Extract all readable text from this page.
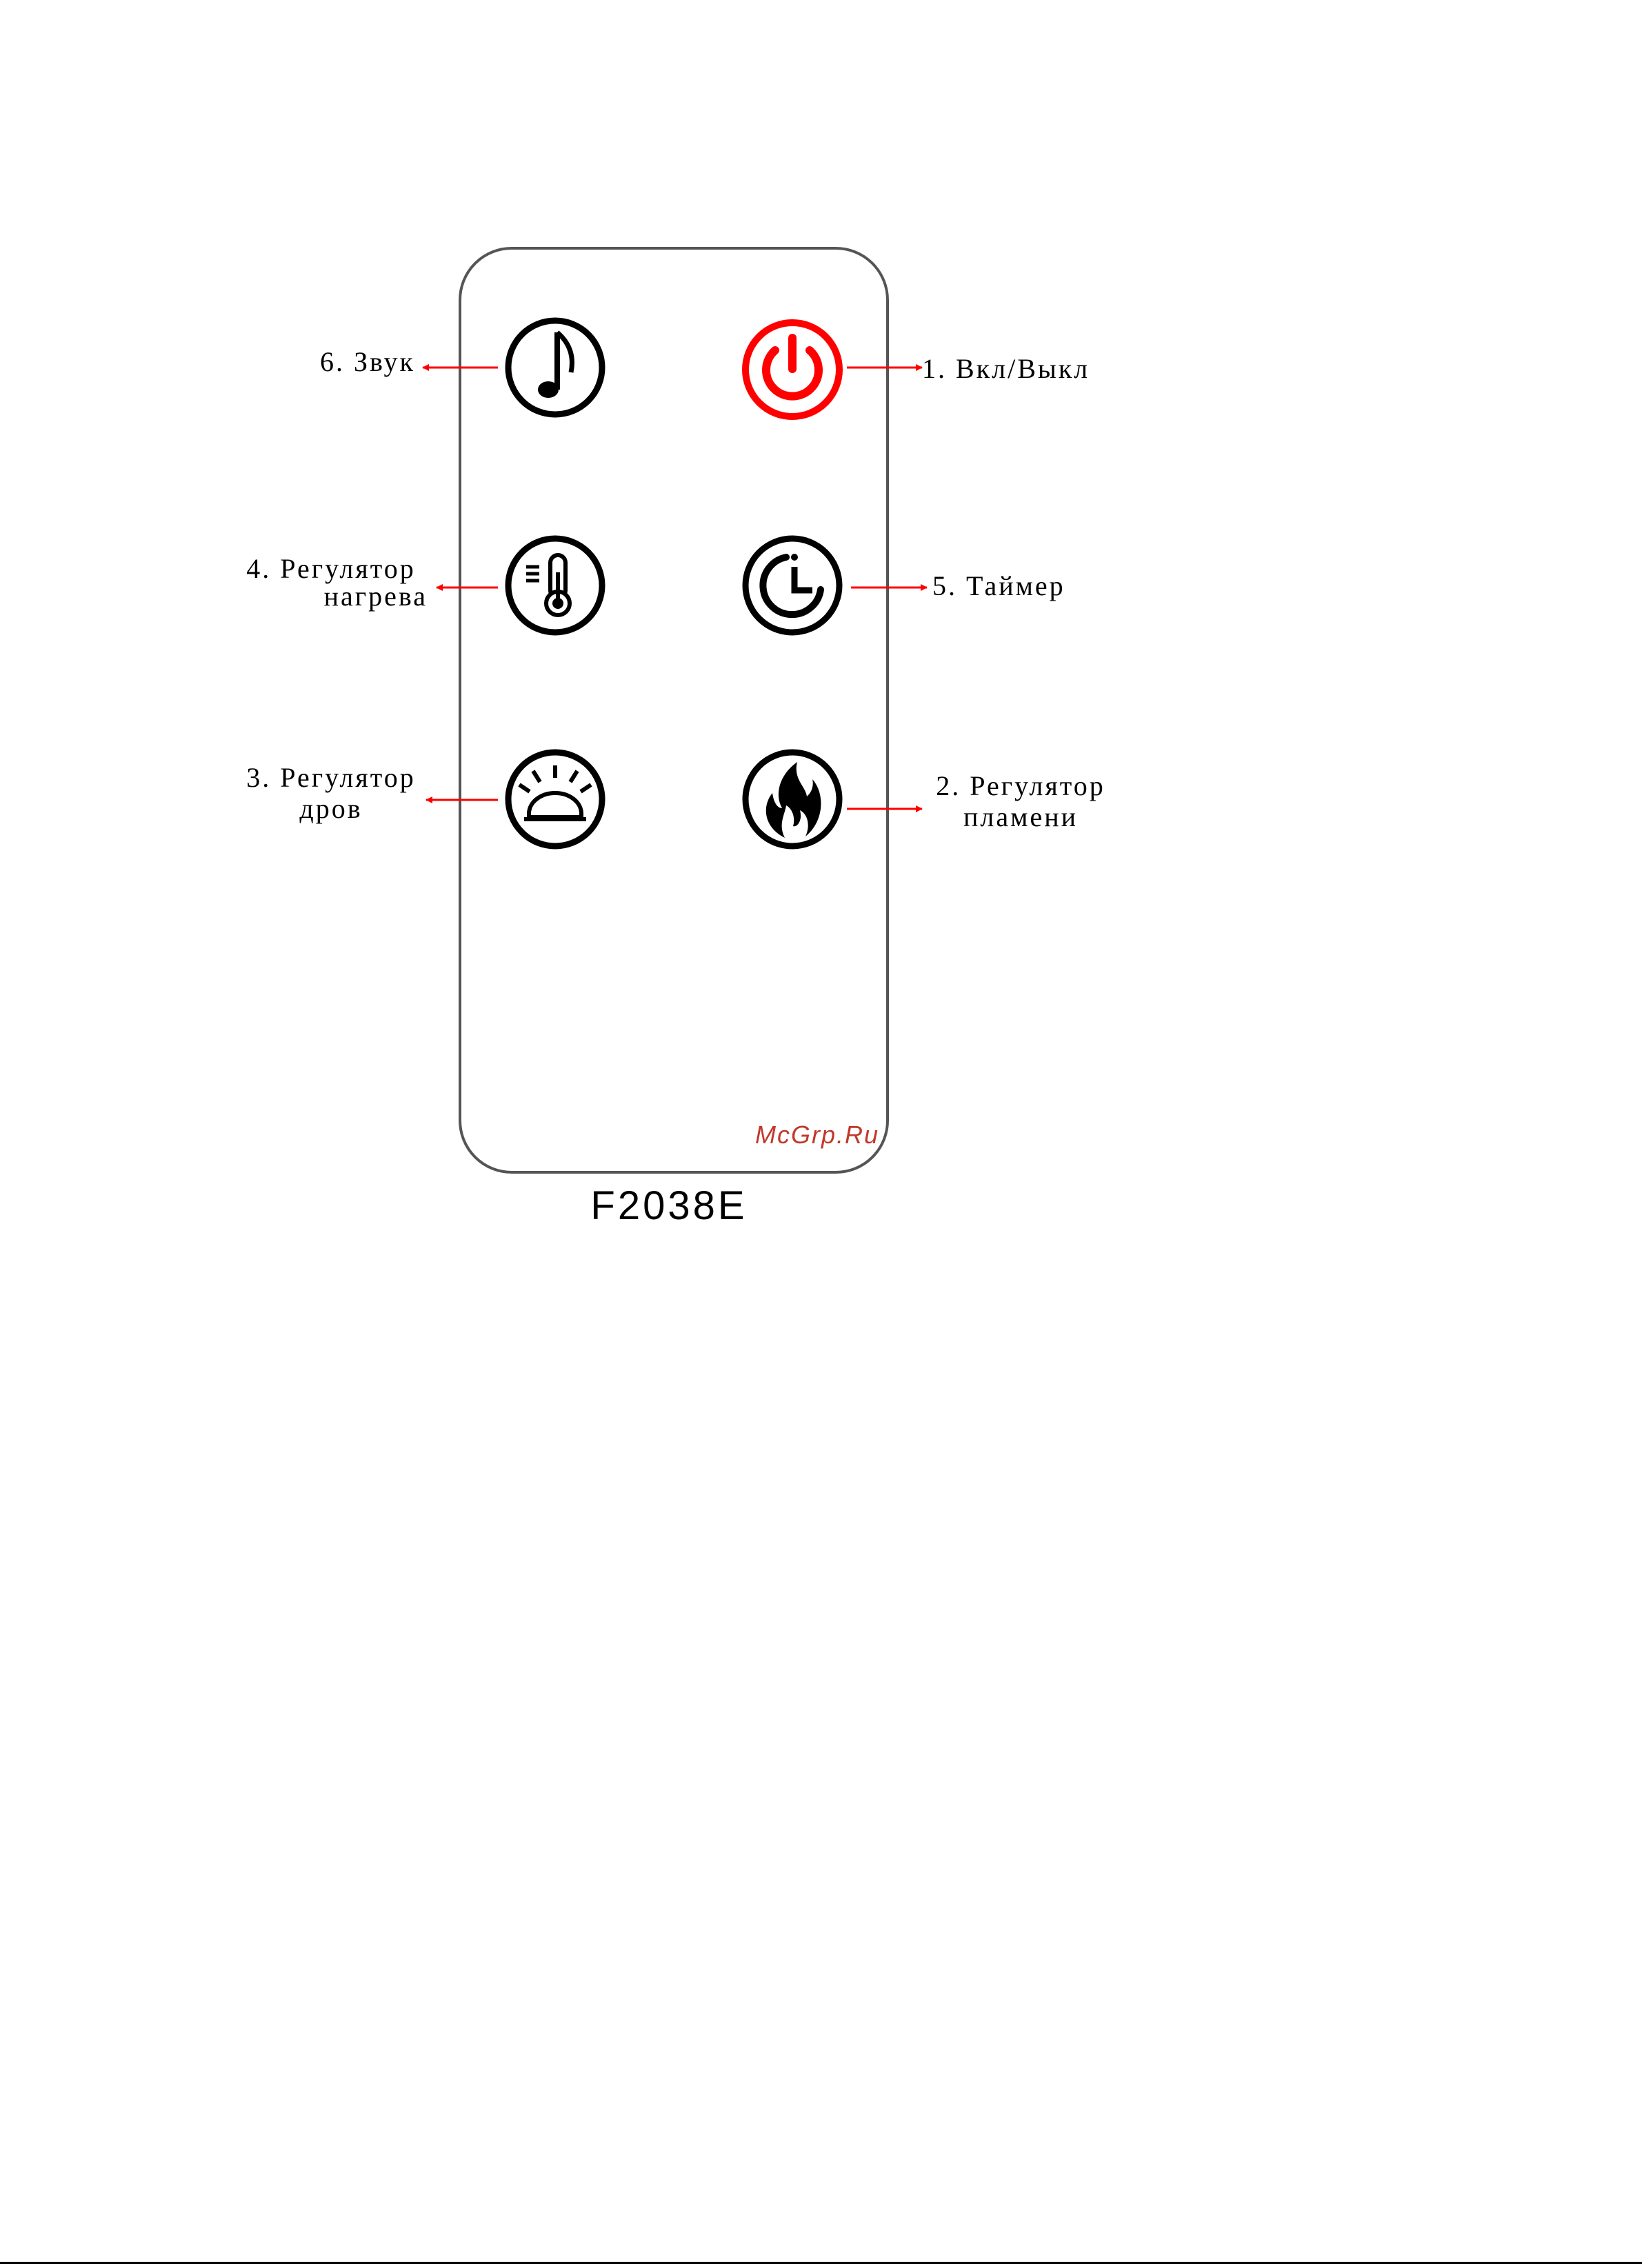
6. Звук	1. Вкл/Выкл
4. Регулятор
нагрева	5. Таймер
3. Регулятор
дров
2. Регулятор
пламени
McGrp.Ru
F2038E
